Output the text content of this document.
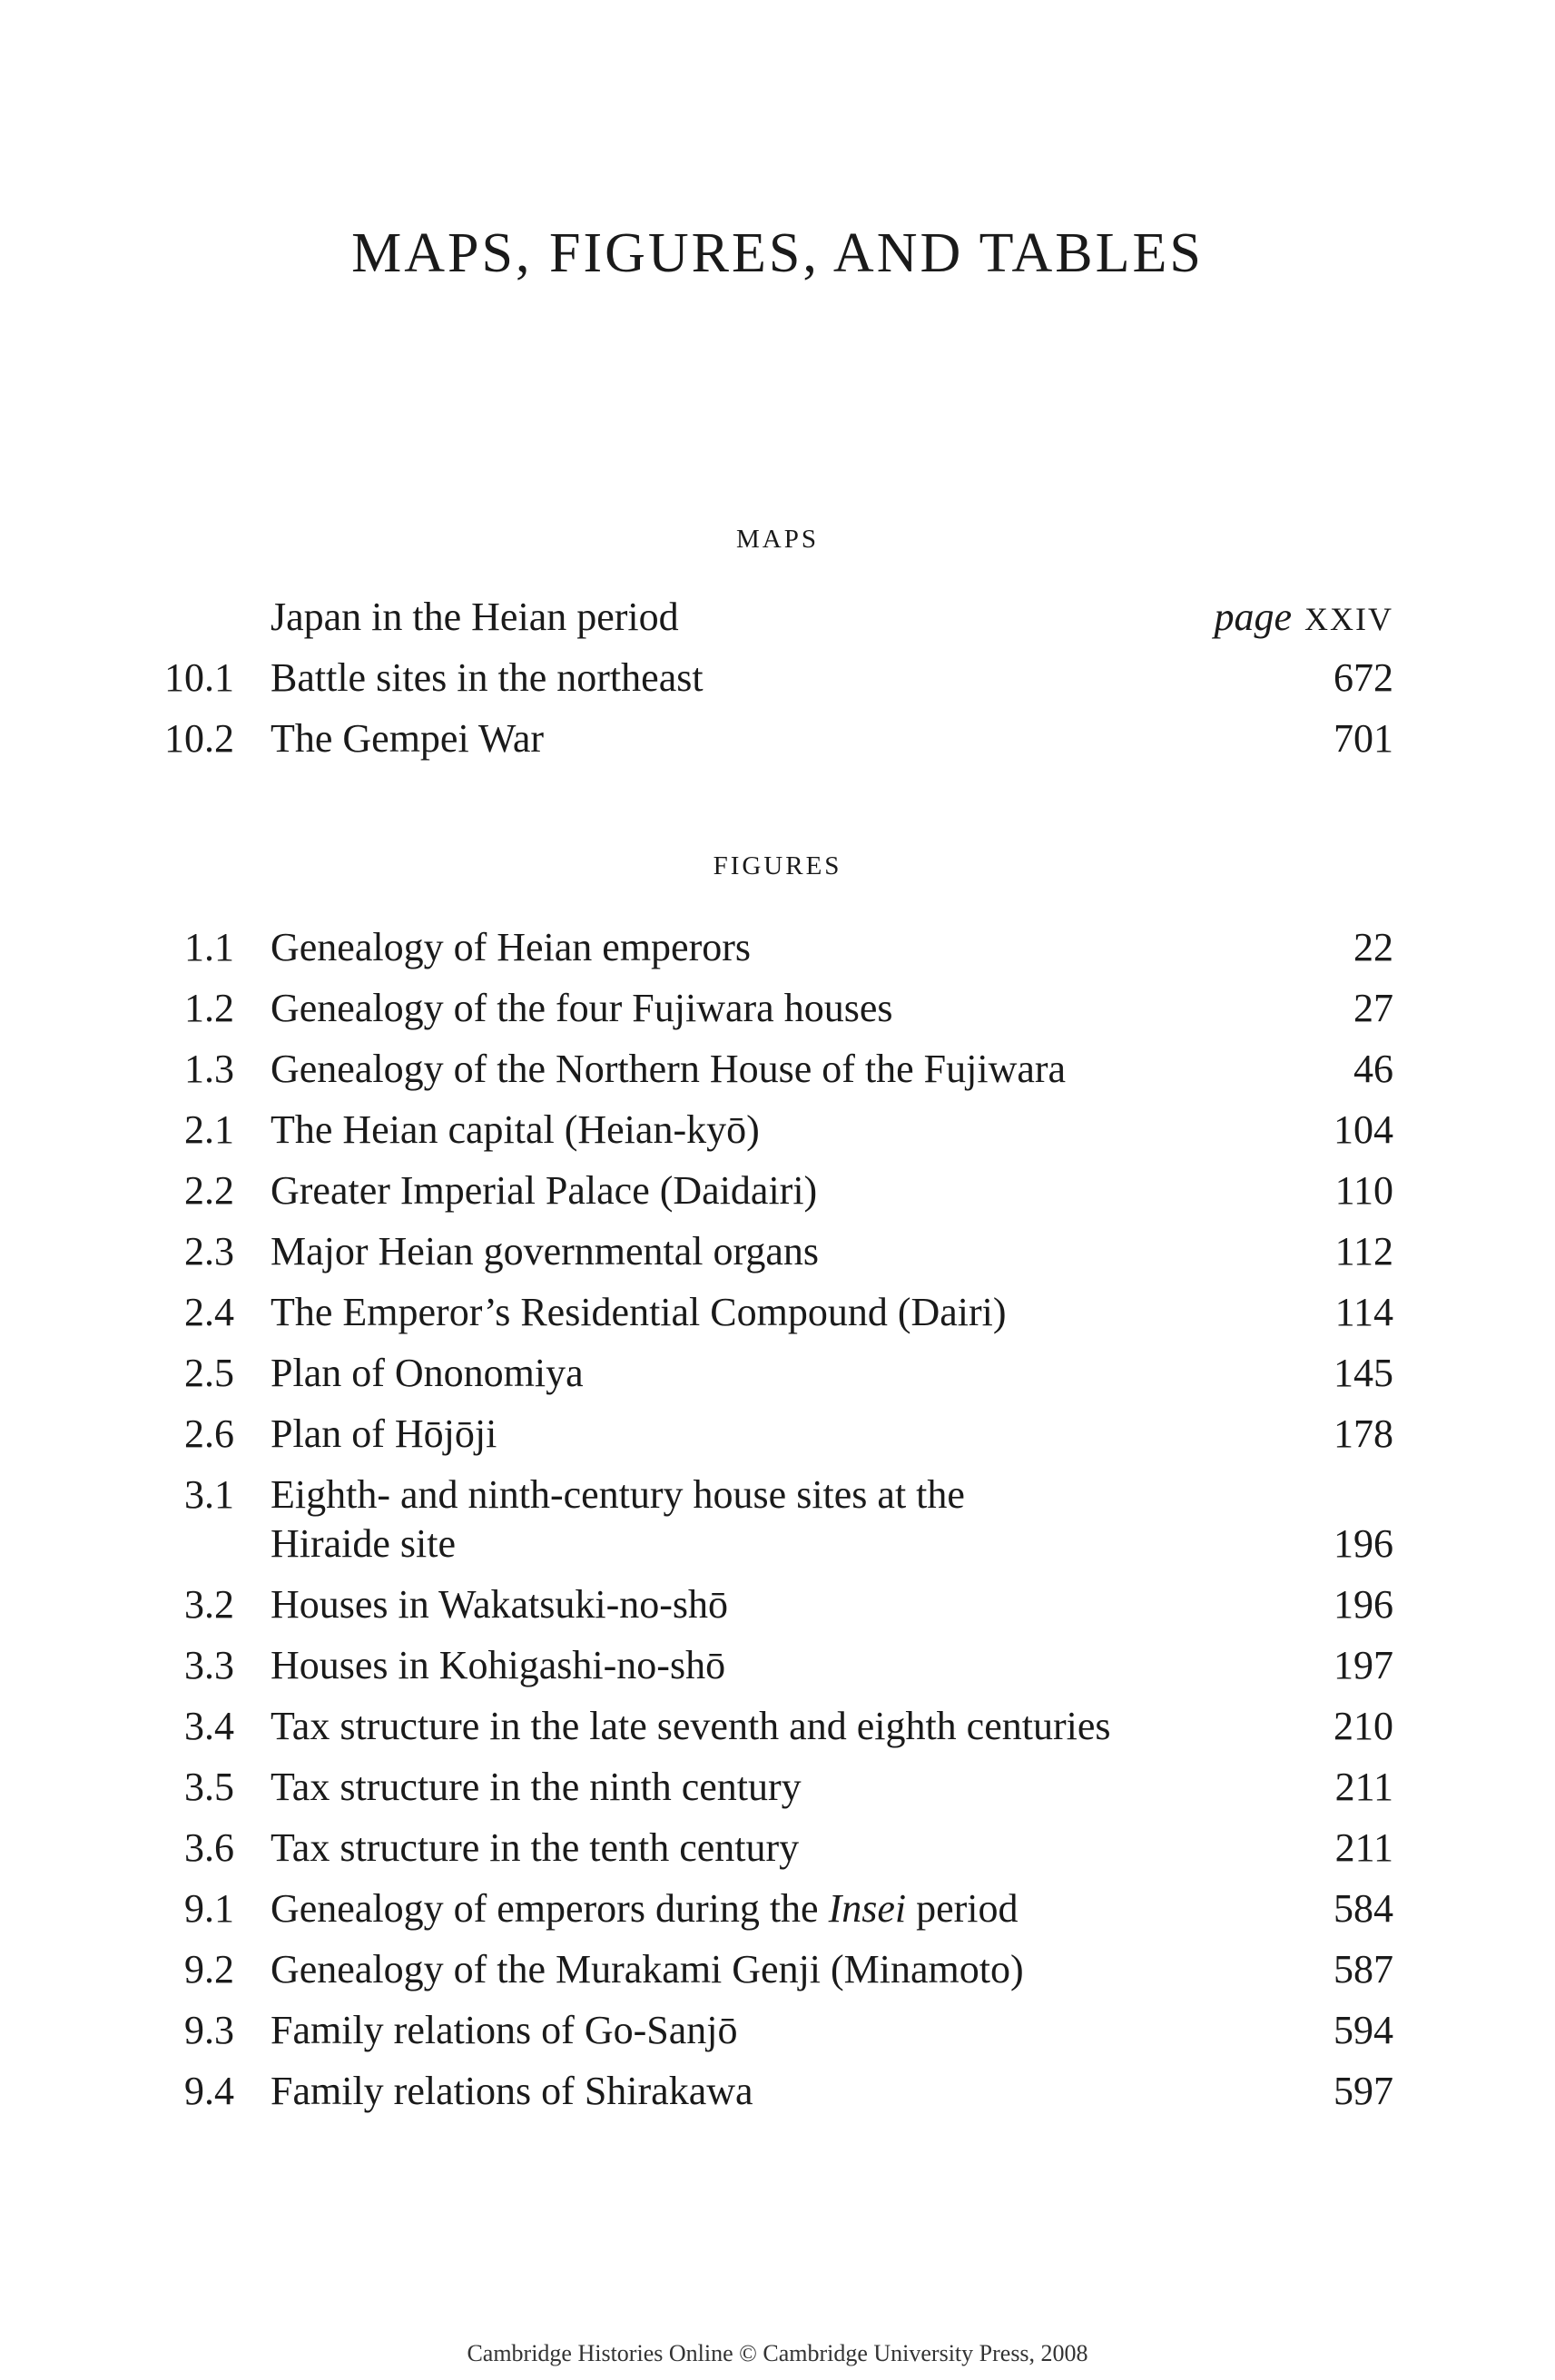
MAPS, FIGURES, AND TABLES
MAPS
Japan in the Heian period	page XXIV
10.1 Battle sites in the northeast	672
10.2 The Gempei War	701
FIGURES
1.1 Genealogy of Heian emperors	22
1.2 Genealogy of the four Fujiwara houses	27
1.3 Genealogy of the Northern House of the Fujiwara	46
2.1 The Heian capital (Heian-kyō)	104
2.2 Greater Imperial Palace (Daidairi)	110
2.3 Major Heian governmental organs	112
2.4 The Emperor’s Residential Compound (Dairi)	114
2.5 Plan of Ononomiya	145
2.6 Plan of Hōjōji	178
3.1 Eighth- and ninth-century house sites at the
Hiraide site	196
3.2 Houses in Wakatsuki-no-shō	196
3.3 Houses in Kohigashi-no-shō	197
3.4 Tax structure in the late seventh and eighth centuries	210
3.5 Tax structure in the ninth century	211
3.6 Tax structure in the tenth century	211
9.1 Genealogy of emperors during the Insei period	584
9.2 Genealogy of the Murakami Genji (Minamoto)	587
9.3 Family relations of Go-Sanjō	594
9.4 Family relations of Shirakawa	597
Cambridge Histories Online © Cambridge University Press, 2008
